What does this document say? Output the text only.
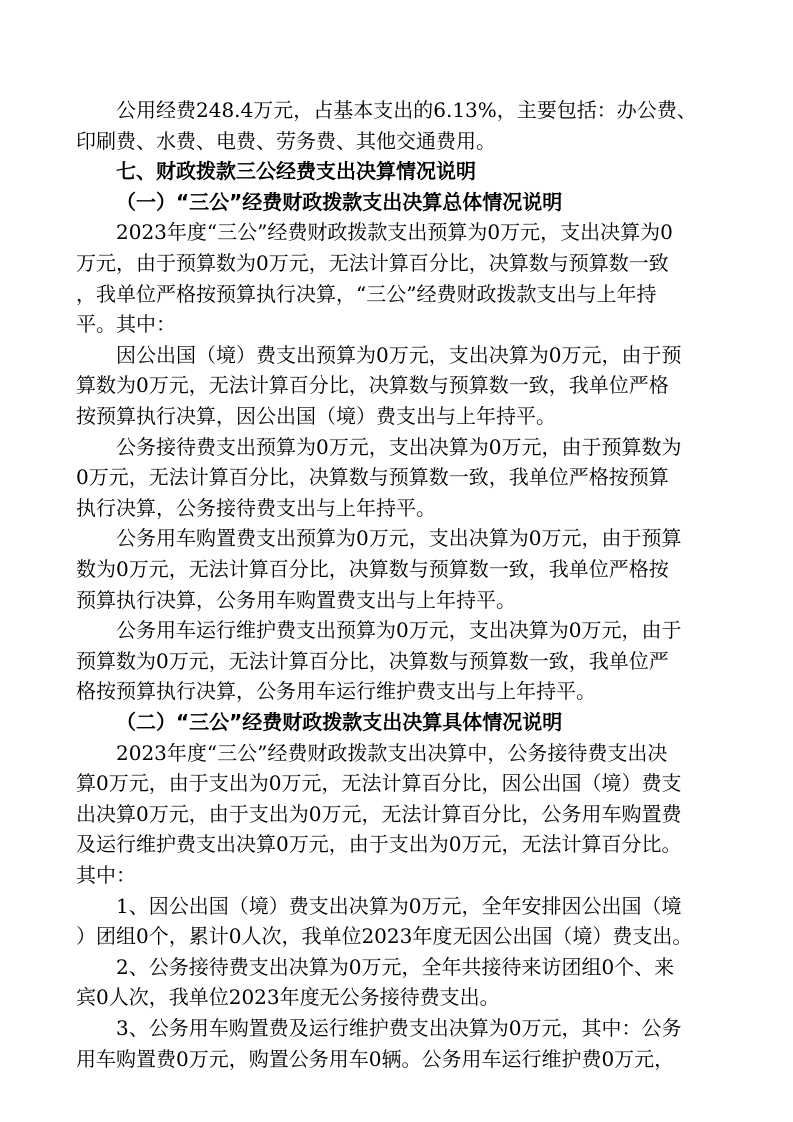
公用经费248.4万元，占基本支出的6.13%，主要包括：办公费、
印刷费、水费、电费、劳务费、其他交通费用。
七、财政拨款三公经费支出决算情况说明
（一）“三公”经费财政拨款支出决算总体情况说明
2023年度“三公”经费财政拨款支出预算为0万元，支出决算为0
万元，由于预算数为0万元，无法计算百分比，决算数与预算数一致
，我单位严格按预算执行决算，“三公”经费财政拨款支出与上年持
平。其中：
因公出国（境）费支出预算为0万元，支出决算为0万元，由于预
算数为0万元，无法计算百分比，决算数与预算数一致，我单位严格
按预算执行决算，因公出国（境）费支出与上年持平。
公务接待费支出预算为0万元，支出决算为0万元，由于预算数为
0万元，无法计算百分比，决算数与预算数一致，我单位严格按预算
执行决算，公务接待费支出与上年持平。
公务用车购置费支出预算为0万元，支出决算为0万元，由于预算
数为0万元，无法计算百分比，决算数与预算数一致，我单位严格按
预算执行决算，公务用车购置费支出与上年持平。
公务用车运行维护费支出预算为0万元，支出决算为0万元，由于
预算数为0万元，无法计算百分比，决算数与预算数一致，我单位严
格按预算执行决算，公务用车运行维护费支出与上年持平。
（二）“三公”经费财政拨款支出决算具体情况说明
2023年度“三公”经费财政拨款支出决算中，公务接待费支出决
算0万元，由于支出为0万元，无法计算百分比，因公出国（境）费支
出决算0万元，由于支出为0万元，无法计算百分比，公务用车购置费
及运行维护费支出决算0万元，由于支出为0万元，无法计算百分比。
其中：
1、因公出国（境）费支出决算为0万元，全年安排因公出国（境
）团组0个，累计0人次，我单位2023年度无因公出国（境）费支出。
2、公务接待费支出决算为0万元，全年共接待来访团组0个、来
宾0人次，我单位2023年度无公务接待费支出。
3、公务用车购置费及运行维护费支出决算为0万元，其中：公务
用车购置费0万元，购置公务用车0辆。公务用车运行维护费0万元，
